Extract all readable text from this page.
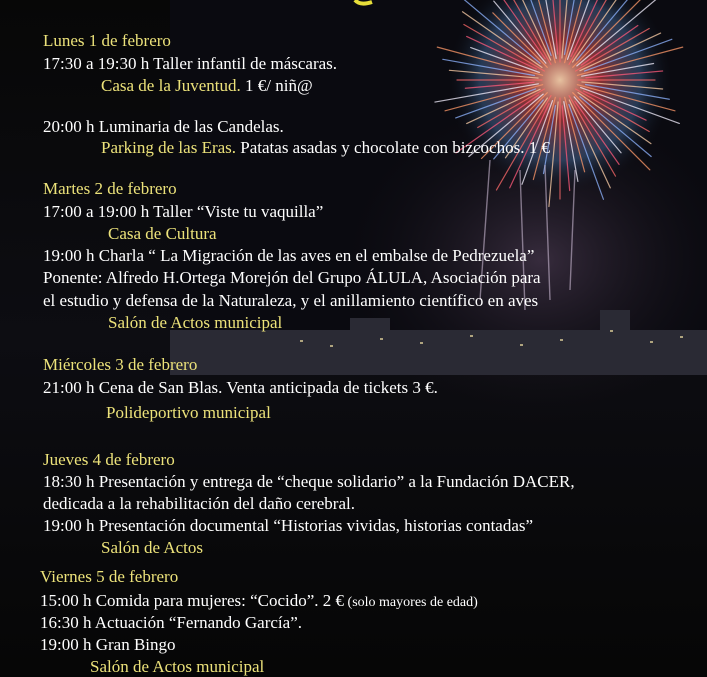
Lunes 1 de febrero
17:30 a 19:30 h Taller infantil de máscaras.
Casa de la Juventud. 1 €/ niñ@
20:00 h Luminaria de las Candelas.
Parking de las Eras. Patatas asadas y chocolate con bizcochos. 1 €
Martes 2 de febrero
17:00 a 19:00 h Taller “Viste tu vaquilla”
Casa de Cultura
19:00 h Charla “ La Migración de las aves en el embalse de Pedrezuela”
Ponente: Alfredo H.Ortega Morejón del Grupo ÁLULA, Asociación para
el estudio y defensa de la Naturaleza, y el anillamiento científico en aves
Salón de Actos municipal
Miércoles 3 de febrero
21:00 h Cena de San Blas. Venta anticipada de tickets 3 €.
Polideportivo municipal
Jueves 4 de febrero
18:30 h Presentación y entrega de “cheque solidario” a la Fundación DACER,
dedicada a la rehabilitación del daño cerebral.
19:00 h Presentación documental “Historias vividas, historias contadas”
Salón de Actos
Viernes 5 de febrero
15:00 h Comida para mujeres: “Cocido”. 2 € (solo mayores de edad)
16:30 h Actuación “Fernando García”.
19:00 h Gran Bingo
Salón de Actos municipal
